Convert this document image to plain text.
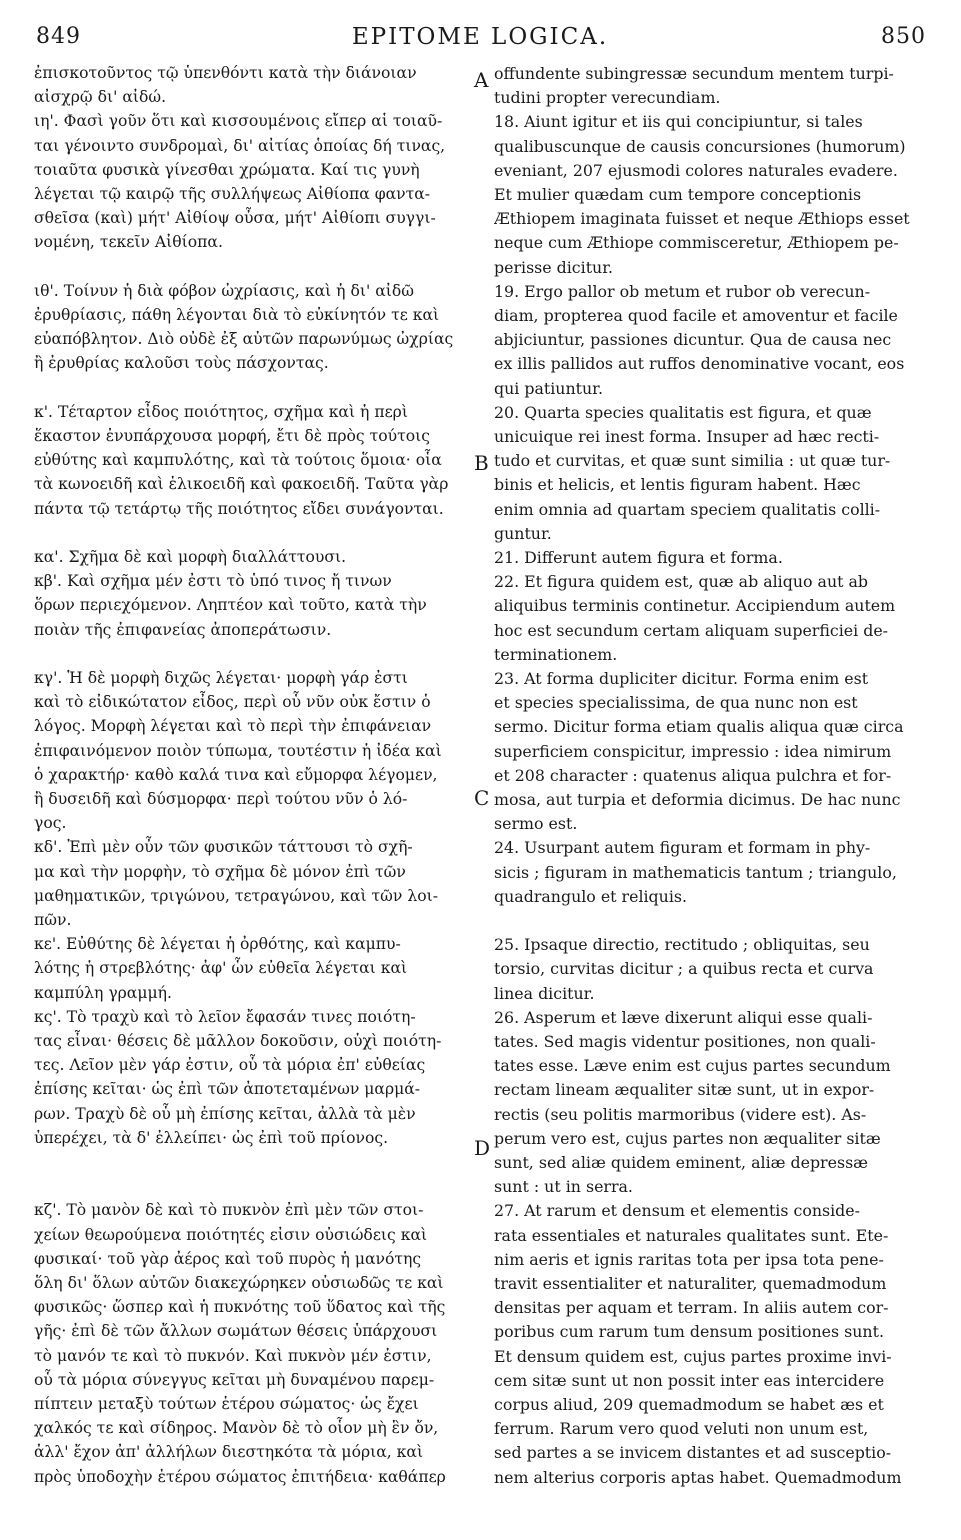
849	EPITOME LOGICA.	850
ἐπισκοτοῦντος τῷ ὑπενθόντι κατὰ τὴν διάνοιαν
αἰσχρῷ δι' αἰδώ.
ιη'. Φασὶ γοῦν ὅτι καὶ κισσουμένοις εἴπερ αἱ τοιαῦ-
ται γένοιντο συνδρομαὶ, δι' αἰτίας ὁποίας δή τινας,
τοιαῦτα φυσικὰ γίνεσθαι χρώματα. Καί τις γυνὴ
λέγεται τῷ καιρῷ τῆς συλλήψεως Αἰθίοπα φαντα-
σθεῖσα (καὶ) μήτ' Αἰθίοψ οὖσα, μήτ' Αἰθίοπι συγγι-
νομένη, τεκεῖν Αἰθίοπα.
ιθ'. Τοίνυν ἡ διὰ φόβον ὠχρίασις, καὶ ἡ δι' αἰδῶ
ἐρυθρίασις, πάθη λέγονται διὰ τὸ εὐκίνητόν τε καὶ
εὐαπόβλητον. Διὸ οὐδὲ ἐξ αὐτῶν παρωνύμως ὠχρίας
ἢ ἐρυθρίας καλοῦσι τοὺς πάσχοντας.
κ'. Τέταρτον εἶδος ποιότητος, σχῆμα καὶ ἡ περὶ
ἕκαστον ἐνυπάρχουσα μορφή, ἔτι δὲ πρὸς τούτοις
εὐθύτης καὶ καμπυλότης, καὶ τὰ τούτοις ὅμοια· οἷα
τὰ κωνοειδῆ καὶ ἑλικοειδῆ καὶ φακοειδῆ. Ταῦτα γὰρ
πάντα τῷ τετάρτῳ τῆς ποιότητος εἴδει συνάγονται.
κα'. Σχῆμα δὲ καὶ μορφὴ διαλλάττουσι.
κβ'. Καὶ σχῆμα μέν ἐστι τὸ ὑπό τινος ἤ τινων
ὅρων περιεχόμενον. Ληπτέον καὶ τοῦτο, κατὰ τὴν
ποιὰν τῆς ἐπιφανείας ἀποπεράτωσιν.
κγ'. Ἡ δὲ μορφὴ διχῶς λέγεται· μορφὴ γάρ ἐστι
καὶ τὸ εἰδικώτατον εἶδος, περὶ οὗ νῦν οὐκ ἔστιν ὁ
λόγος. Μορφὴ λέγεται καὶ τὸ περὶ τὴν ἐπιφάνειαν
ἐπιφαινόμενον ποιὸν τύπωμα, τουτέστιν ἡ ἰδέα καὶ
ὁ χαρακτήρ· καθὸ καλά τινα καὶ εὔμορφα λέγομεν,
ἢ δυσειδῆ καὶ δύσμορφα· περὶ τούτου νῦν ὁ λό-
γος.
κδ'. Ἐπὶ μὲν οὖν τῶν φυσικῶν τάττουσι τὸ σχῆ-
μα καὶ τὴν μορφὴν, τὸ σχῆμα δὲ μόνον ἐπὶ τῶν
μαθηματικῶν, τριγώνου, τετραγώνου, καὶ τῶν λοι-
πῶν.
κε'. Εὐθύτης δὲ λέγεται ἡ ὀρθότης, καὶ καμπυ-
λότης ἡ στρεβλότης· ἀφ' ὧν εὐθεῖα λέγεται καὶ
καμπύλη γραμμή.
κς'. Τὸ τραχὺ καὶ τὸ λεῖον ἔφασάν τινες ποιότη-
τας εἶναι· θέσεις δὲ μᾶλλον δοκοῦσιν, οὐχὶ ποιότη-
τες. Λεῖον μὲν γάρ ἐστιν, οὗ τὰ μόρια ἐπ' εὐθείας
ἐπίσης κεῖται· ὡς ἐπὶ τῶν ἀποτεταμένων μαρμά-
ρων. Τραχὺ δὲ οὗ μὴ ἐπίσης κεῖται, ἀλλὰ τὰ μὲν
ὑπερέχει, τὰ δ' ἐλλείπει· ὡς ἐπὶ τοῦ πρίονος.
κζ'. Τὸ μανὸν δὲ καὶ τὸ πυκνὸν ἐπὶ μὲν τῶν στοι-
χείων θεωρούμενα ποιότητές εἰσιν οὐσιώδεις καὶ
φυσικαί· τοῦ γὰρ ἀέρος καὶ τοῦ πυρὸς ἡ μανότης
ὅλη δι' ὅλων αὐτῶν διακεχώρηκεν οὐσιωδῶς τε καὶ
φυσικῶς· ὥσπερ καὶ ἡ πυκνότης τοῦ ὕδατος καὶ τῆς
γῆς· ἐπὶ δὲ τῶν ἄλλων σωμάτων θέσεις ὑπάρχουσι
τὸ μανόν τε καὶ τὸ πυκνόν. Καὶ πυκνὸν μέν ἐστιν,
οὗ τὰ μόρια σύνεγγυς κεῖται μὴ δυναμένου παρεμ-
πίπτειν μεταξὺ τούτων ἑτέρου σώματος· ὡς ἔχει
χαλκός τε καὶ σίδηρος. Μανὸν δὲ τὸ οἷον μὴ ἓν ὄν,
ἀλλ' ἔχον ἀπ' ἀλλήλων διεστηκότα τὰ μόρια, καὶ
πρὸς ὑποδοχὴν ἑτέρου σώματος ἐπιτήδεια· καθάπερ
offundente subingressæ secundum mentem turpi-
tudini propter verecundiam.
18. Aiunt igitur et iis qui concipiuntur, si tales
qualibuscunque de causis concursiones (humorum)
eveniant, 207 ejusmodi colores naturales evadere.
Et mulier quædam cum tempore conceptionis
Æthiopem imaginata fuisset et neque Æthiops esset
neque cum Æthiope commisceretur, Æthiopem pe-
perisse dicitur.
19. Ergo pallor ob metum et rubor ob verecun-
diam, propterea quod facile et amoventur et facile
abjiciuntur, passiones dicuntur. Qua de causa nec
ex illis pallidos aut ruffos denominative vocant, eos
qui patiuntur.
20. Quarta species qualitatis est figura, et quæ
unicuique rei inest forma. Insuper ad hæc recti-
tudo et curvitas, et quæ sunt similia : ut quæ tur-
binis et helicis, et lentis figuram habent. Hæc
enim omnia ad quartam speciem qualitatis colli-
guntur.
21. Differunt autem figura et forma.
22. Et figura quidem est, quæ ab aliquo aut ab
aliquibus terminis continetur. Accipiendum autem
hoc est secundum certam aliquam superficiei de-
terminationem.
23. At forma dupliciter dicitur. Forma enim est
et species specialissima, de qua nunc non est
sermo. Dicitur forma etiam qualis aliqua quæ circa
superficiem conspicitur, impressio : idea nimirum
et 208 character : quatenus aliqua pulchra et for-
mosa, aut turpia et deformia dicimus. De hac nunc
sermo est.
24. Usurpant autem figuram et formam in phy-
sicis ; figuram in mathematicis tantum ; triangulo,
quadrangulo et reliquis.
25. Ipsaque directio, rectitudo ; obliquitas, seu
torsio, curvitas dicitur ; a quibus recta et curva
linea dicitur.
26. Asperum et læve dixerunt aliqui esse quali-
tates. Sed magis videntur positiones, non quali-
tates esse. Læve enim est cujus partes secundum
rectam lineam æqualiter sitæ sunt, ut in expor-
rectis (seu politis marmoribus (videre est). As-
perum vero est, cujus partes non æqualiter sitæ
sunt, sed aliæ quidem eminent, aliæ depressæ
sunt : ut in serra.
27. At rarum et densum et elementis conside-
rata essentiales et naturales qualitates sunt. Ete-
nim aeris et ignis raritas tota per ipsa tota pene-
travit essentialiter et naturaliter, quemadmodum
densitas per aquam et terram. In aliis autem cor-
poribus cum rarum tum densum positiones sunt.
Et densum quidem est, cujus partes proxime invi-
cem sitæ sunt ut non possit inter eas intercidere
corpus aliud, 209 quemadmodum se habet æs et
ferrum. Rarum vero quod veluti non unum est,
sed partes a se invicem distantes et ad susceptio-
nem alterius corporis aptas habet. Quemadmodum
A
B
C
D
